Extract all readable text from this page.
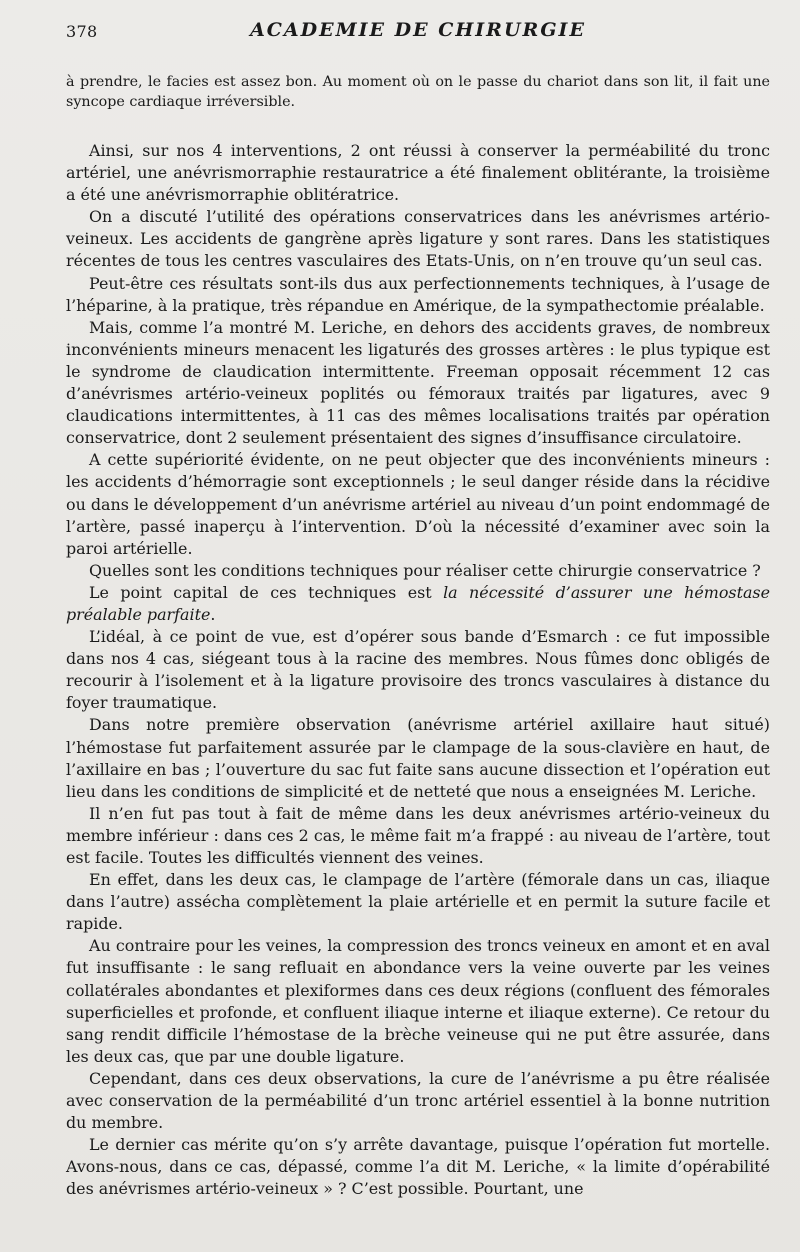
378	ACADEMIE DE CHIRURGIE

à prendre, le facies est assez bon. Au moment où on le passe du chariot dans son lit, il fait une syncope cardiaque irréversible.

Ainsi, sur nos 4 interventions, 2 ont réussi à conserver la perméabilité du tronc artériel, une anévrismorraphie restauratrice a été finalement oblitérante, la troisième a été une anévrismorraphie oblitératrice.

On a discuté l’utilité des opérations conservatrices dans les anévrismes artério-veineux. Les accidents de gangrène après ligature y sont rares. Dans les statistiques récentes de tous les centres vasculaires des Etats-Unis, on n’en trouve qu’un seul cas.

Peut-être ces résultats sont-ils dus aux perfectionnements techniques, à l’usage de l’héparine, à la pratique, très répandue en Amérique, de la sympathectomie préalable.

Mais, comme l’a montré M. Leriche, en dehors des accidents graves, de nombreux inconvénients mineurs menacent les ligaturés des grosses artères : le plus typique est le syndrome de claudication intermittente. Freeman opposait récemment 12 cas d’anévrismes artério-veineux poplités ou fémoraux traités par ligatures, avec 9 claudications intermittentes, à 11 cas des mêmes localisations traités par opération conservatrice, dont 2 seulement présentaient des signes d’insuffisance circulatoire.

A cette supériorité évidente, on ne peut objecter que des inconvénients mineurs : les accidents d’hémorragie sont exceptionnels ; le seul danger réside dans la récidive ou dans le développement d’un anévrisme artériel au niveau d’un point endommagé de l’artère, passé inaperçu à l’intervention. D’où la nécessité d’examiner avec soin la paroi artérielle.

Quelles sont les conditions techniques pour réaliser cette chirurgie conservatrice ?

Le point capital de ces techniques est la nécessité d’assurer une hémostase préalable parfaite.

L’idéal, à ce point de vue, est d’opérer sous bande d’Esmarch : ce fut impossible dans nos 4 cas, siégeant tous à la racine des membres. Nous fûmes donc obligés de recourir à l’isolement et à la ligature provisoire des troncs vasculaires à distance du foyer traumatique.

Dans notre première observation (anévrisme artériel axillaire haut situé) l’hémostase fut parfaitement assurée par le clampage de la sous-clavière en haut, de l’axillaire en bas ; l’ouverture du sac fut faite sans aucune dissection et l’opération eut lieu dans les conditions de simplicité et de netteté que nous a enseignées M. Leriche.

Il n’en fut pas tout à fait de même dans les deux anévrismes artério-veineux du membre inférieur : dans ces 2 cas, le même fait m’a frappé : au niveau de l’artère, tout est facile. Toutes les difficultés viennent des veines.

En effet, dans les deux cas, le clampage de l’artère (fémorale dans un cas, iliaque dans l’autre) assécha complètement la plaie artérielle et en permit la suture facile et rapide.

Au contraire pour les veines, la compression des troncs veineux en amont et en aval fut insuffisante : le sang refluait en abondance vers la veine ouverte par les veines collatérales abondantes et plexiformes dans ces deux régions (confluent des fémorales superficielles et profonde, et confluent iliaque interne et iliaque externe). Ce retour du sang rendit difficile l’hémostase de la brèche veineuse qui ne put être assurée, dans les deux cas, que par une double ligature.

Cependant, dans ces deux observations, la cure de l’anévrisme a pu être réalisée avec conservation de la perméabilité d’un tronc artériel essentiel à la bonne nutrition du membre.

Le dernier cas mérite qu’on s’y arrête davantage, puisque l’opération fut mortelle. Avons-nous, dans ce cas, dépassé, comme l’a dit M. Leriche, « la limite d’opérabilité des anévrismes artério-veineux » ? C’est possible. Pourtant, une
